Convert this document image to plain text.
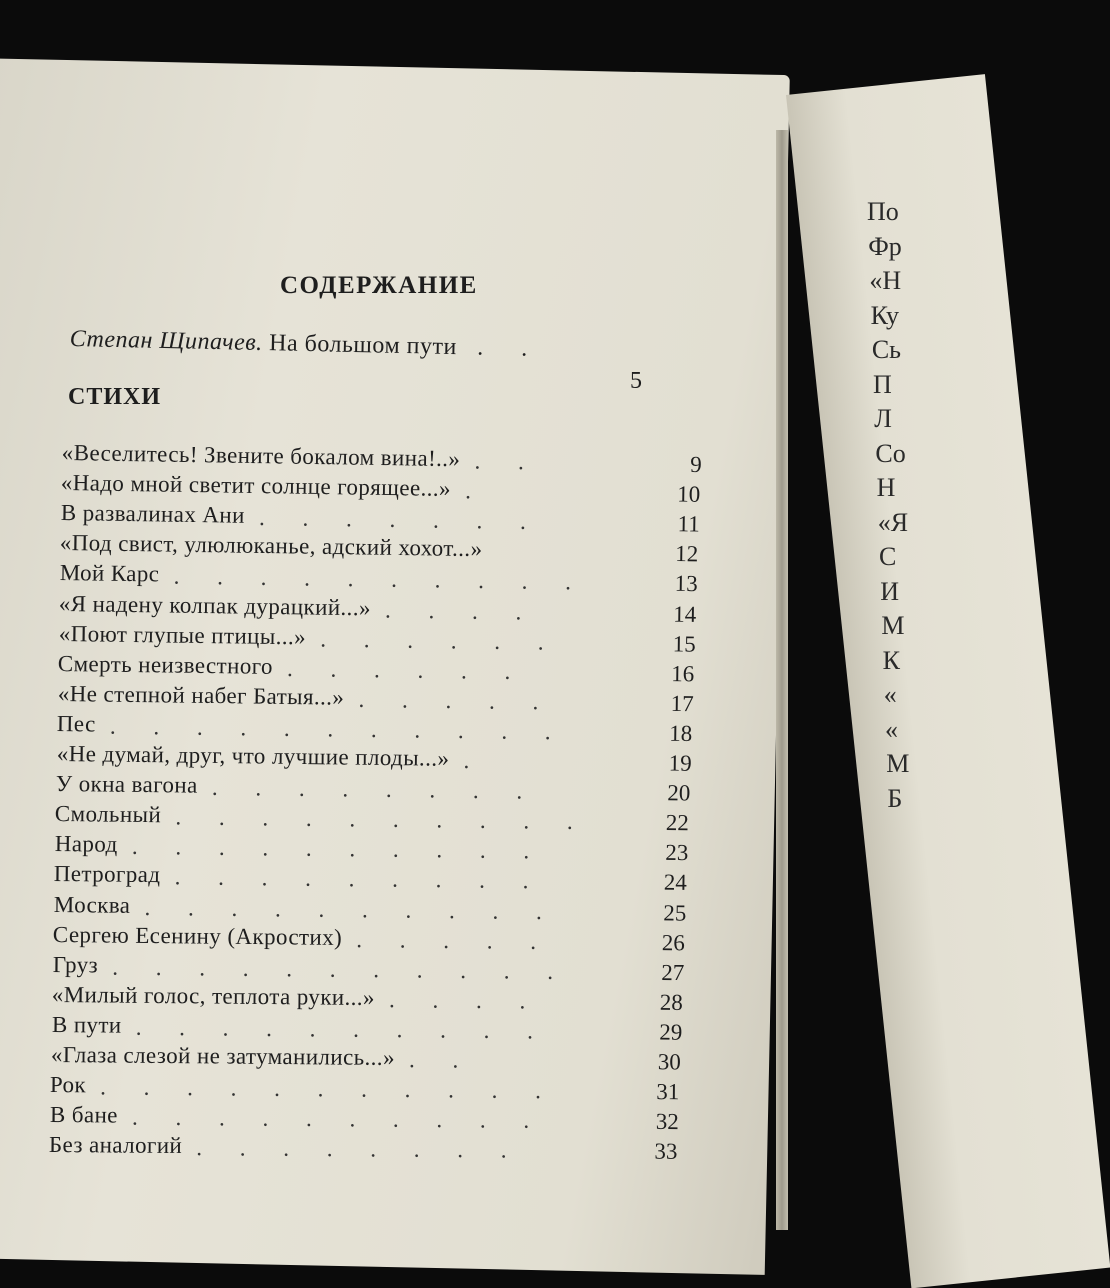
По
Фр
«Н
Ку
Сь
П
Л
Со
Н
«Я
С
И
М
К
«
«
М
Б
СОДЕРЖАНИЕ
Степан Щипачев. На большом пути . .
5
СТИХИ
«Веселитесь! Звените бокалом вина!..» . .	9
«Надо мной светит солнце горящее...» .	10
В развалинах Ани . . . . . . .	11
«Под свист, улюлюканье, адский хохот...»	12
Мой Карс . . . . . . . . . .	13
«Я надену колпак дурацкий...» . . . .	14
«Поют глупые птицы...» . . . . . .	15
Смерть неизвестного . . . . . .	16
«Не степной набег Батыя...» . . . . .	17
Пес . . . . . . . . . . .	18
«Не думай, друг, что лучшие плоды...» .	19
У окна вагона . . . . . . . .	20
Смольный . . . . . . . . . .	22
Народ . . . . . . . . . .	23
Петроград . . . . . . . . .	24
Москва . . . . . . . . . .	25
Сергею Есенину (Акростих) . . . . .	26
Груз . . . . . . . . . . .	27
«Милый голос, теплота руки...» . . . .	28
В пути . . . . . . . . . .	29
«Глаза слезой не затуманились...» . .	30
Рок . . . . . . . . . . .	31
В бане . . . . . . . . . .	32
Без аналогий . . . . . . . .	33
